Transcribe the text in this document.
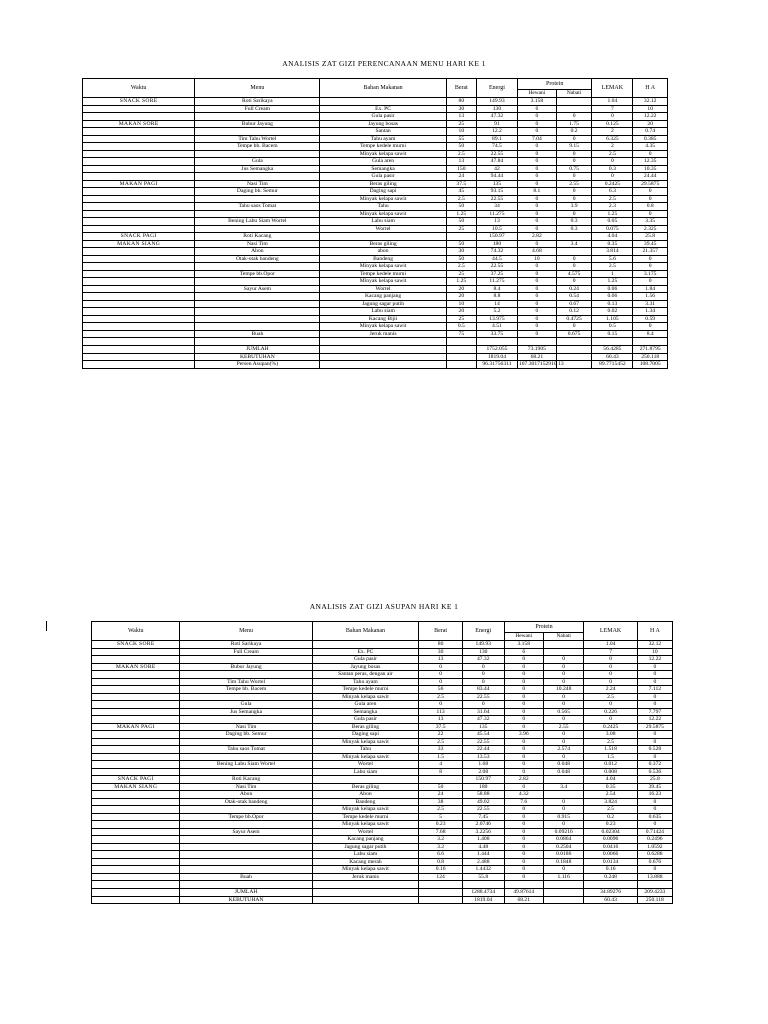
ANALISIS ZAT GIZI PERENCANAAN MENU HARI KE 1
Waktu	Menu	Bahan Makanan	Berat	Energi	Protein		LEMAK	H A
					Hewani	Nabati		
SNACK SORE	Roti Sarikaya		80	149.93	3.158		1.04	32.12
	Full Cream	Ex. PC	30	130	6		7	10
		Gula pasir	13	47.32	0	0	0	12.22
MAKAN SORE	Bubur Jayung	Jayung bosas	25	91	0	1.75	0.125	20
		Santan	10	12.2	0	0.2	2	0.74
	Tim Tahu Wortel	Tahu ayam	55	89.1	7.04	0	6.325	0.385
	Tempe bb. Bacem	Tempe kedele murni	50	74.5	0	9.15	2	4.35
		Minyak kelapa sawit	2.5	22.55	0	0	2.5	0
	Gula	Gula aren	13	47.84	0	0	0	12.35
	Jus Semangka	Semangka	150	42	0	0.75	0.3	10.35
		Gula pasir	24	94.44	0	0	0	24.44
MAKAN PAGI	Nasi Tim	Beras giling	37.5	135	0	2.55	0.2425	29.5875
	Daging bb. Semur	Daging sapi	45	93.15	8.1	0	6.3	0
		Minyak kelapa sawit	2.5	22.55	0	0	2.5	0
	Tahu saos Tomat	Tahu	50	34	0	3.9	2.3	0.8
		Minyak kelapa sawit	1.25	11.275	0	0	1.25	0
	Bening Labu Siam Wortel	Labu siam	50	13	0	0.3	0.05	3.35
		Wortel	25	10.5	0	0.3	0.075	2.325
SNACK PAGI	Roti Kacang			150.97	2.82		4.04	25.8
MAKAN SIANG	Nasi Tim	Beras giling	50	180	0	3.4	0.35	39.45
	Abon	abon	30	74.32	4.68		3.814	21.357
	Otak-otak bandeng	Bandeng	50	44.5	10	0	5.6	0
		Minyak kelapa sawit	2.5	22.55	0	0	2.5	0
	Tempe bb.Opor	Tempe kedele murni	25	37.25	0	4.575	1	3.175
		Minyak kelapa sawit	1.25	11.275	0	0	1.25	0
	Sayur Asem	Wortel	20	8.4	0	0.24	0.06	1.84
		Kacang panjang	20	8.8	0	0.54	0.06	1.56
		Jagung sagar putih	10	14	0	0.67	0.13	3.31
		Labu siam	20	5.2	0	0.12	0.02	1.34
		Kacang Bijii	25	13.975	0	0.4725	1.105	0.59
		Minyak kelapa sawit	0.5	4.51	0	0	0.5	0
	Buah	Jeruk manis	75	33.75	0	0.675	0.15	8.4

	JUMLAH			1752.055	73.1905		56.4285	271.8795
	KEBUTUHAN			1819.04	68.21		60.43	250.118
	Persen Asupan(%)			96.31756311	107.3017152910 13		89.7715452	108.7005
ANALISIS ZAT GIZI ASUPAN HARI KE 1
Waktu	Menu	Bahan Makanan	Berat	Energi	Protein		LEMAK	H A
					Hewani	Nabati		
SNACK SORE	Roti Sarikaya		80	149.93	3.158		1.04	32.12
	Full Cream	Ex. PC	30	130	6		7	10
		Gula pasir	13	47.32	0	0	0	12.22
MAKAN SORE	Bubur Jayung	Jayung bosas	0	0	0	0	0	0
		Santan peras, dengan air	0	0	0	0	0	0
	Tim Tahu Wortel	Tahu ayam	0	0	0	0	0	0
	Tempe bb. Bacem	Tempe kedele murni	56	83.44	0	10.248	2.24	7.112
		Minyak kelapa sawit	2.5	22.55	0	0	2.5	0
	Gula	Gula aren	0	0	0	0	0	0
	Jus Semangka	Semangka	113	31.64	0	0.565	0.226	7.797
		Gula pasir	13	47.32	0	0	0	12.22
MAKAN PAGI	Nasi Tim	Beras giling	37.5	135	0	2.55	0.2425	29.5875
	Daging bb. Semur	Daging sapi	22	45.54	3.96	0	3.08	0
		Minyak kelapa sawit	2.5	22.55	0	0	2.5	0
	Tahu saos Tomat	Tahu	33	22.44	0	2.574	1.518	0.528
		Minyak kelapa sawit	1.5	13.53	0	0	1.5	0
	Bening Labu Siam Wortel	Wortel	4	1.68	0	0.048	0.012	0.372
		Labu siam	8	2.08	0	0.048	0.008	0.536
SNACK PAGI	Roti Kacang			150.97	2.82		4.04	25.8
MAKAN SIANG	Nasi Tim	Beras giling	50	180	0	3.4	0.35	39.45
	Abon	Abon	24	58.88	4.32		2.54	16.23
	Otak-otak bandeng	Bandeng	38	49.02	7.6	0	3.824	0
		Minyak kelapa sawit	2.5	22.55	0	0	2.5	0
	Tempe bb.Opor	Tempe kedele murni	5	7.45	0	0.915	0.2	0.635
		Minyak kelapa sawit	0.23	2.0746	0	0	0.23	0
	Sayur Asem	Wortel	7.68	3.2256	0	0.09216	0.02304	0.71424
		Kacang panjang	3.2	1.408	0	0.0864	0.0096	0.2496
		Jagung sagar putih	3.2	4.48	0	0.2504	0.0416	1.0592
		Labu siam	6.6	1.444	0	0.0186	0.0066	0.6288
		Kacang merah	0.8	2.488	0	0.1848	0.0134	0.676
		Minyak kelapa sawit	0.16	1.4432	0	0	0.16	0
	Buah	Jeruk manis	124	55.8	0	1.116	0.248	13.888

	JUMLAH			1288.4734	49.87614		34.89276	209.4233
	KEBUTUHAN			1819.04	68.21		60.43	250.118
